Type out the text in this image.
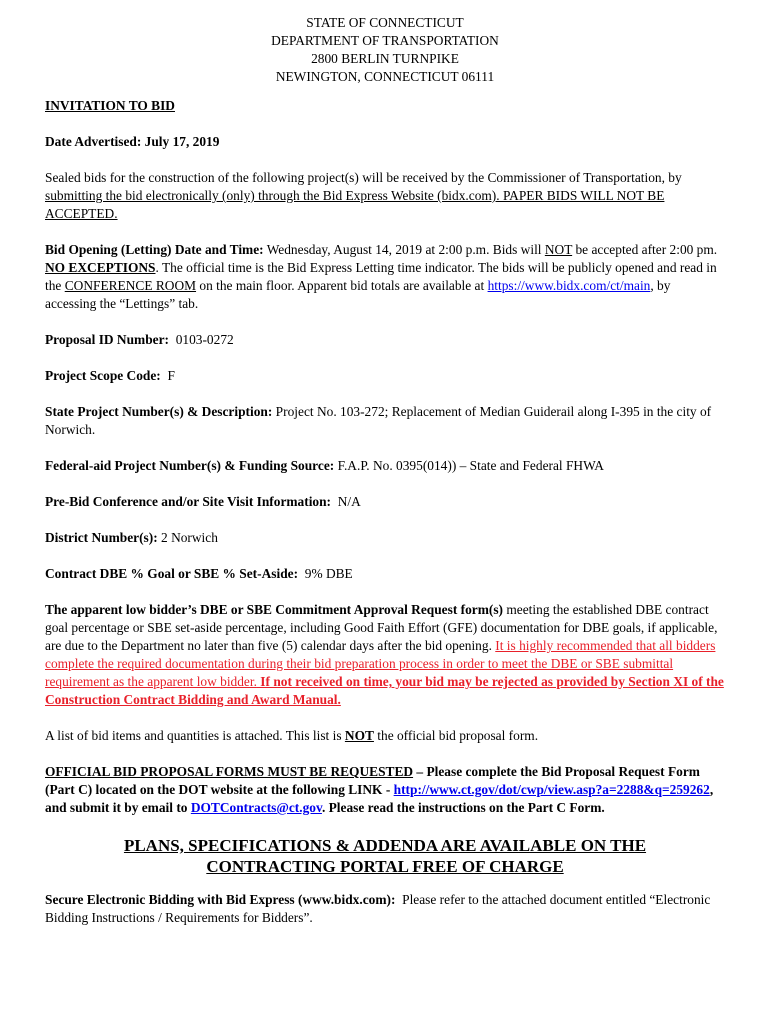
STATE OF CONNECTICUT
DEPARTMENT OF TRANSPORTATION
2800 BERLIN TURNPIKE
NEWINGTON, CONNECTICUT 06111

INVITATION TO BID

Date Advertised: July 17, 2019

Sealed bids for the construction of the following project(s) will be received by the Commissioner of Transportation, by submitting the bid electronically (only) through the Bid Express Website (bidx.com). PAPER BIDS WILL NOT BE ACCEPTED.

Bid Opening (Letting) Date and Time: Wednesday, August 14, 2019 at 2:00 p.m. Bids will NOT be accepted after 2:00 pm. NO EXCEPTIONS. The official time is the Bid Express Letting time indicator. The bids will be publicly opened and read in the CONFERENCE ROOM on the main floor. Apparent bid totals are available at https://www.bidx.com/ct/main, by accessing the “Lettings” tab.

Proposal ID Number:  0103-0272

Project Scope Code:  F

State Project Number(s) & Description: Project No. 103-272; Replacement of Median Guiderail along I-395 in the city of Norwich.

Federal-aid Project Number(s) & Funding Source: F.A.P. No. 0395(014)) – State and Federal FHWA

Pre-Bid Conference and/or Site Visit Information:  N/A

District Number(s): 2 Norwich

Contract DBE % Goal or SBE % Set-Aside:  9% DBE

The apparent low bidder’s DBE or SBE Commitment Approval Request form(s) meeting the established DBE contract goal percentage or SBE set-aside percentage, including Good Faith Effort (GFE) documentation for DBE goals, if applicable, are due to the Department no later than five (5) calendar days after the bid opening. It is highly recommended that all bidders complete the required documentation during their bid preparation process in order to meet the DBE or SBE submittal requirement as the apparent low bidder. If not received on time, your bid may be rejected as provided by Section XI of the Construction Contract Bidding and Award Manual.

A list of bid items and quantities is attached. This list is NOT the official bid proposal form.

OFFICIAL BID PROPOSAL FORMS MUST BE REQUESTED – Please complete the Bid Proposal Request Form (Part C) located on the DOT website at the following LINK - http://www.ct.gov/dot/cwp/view.asp?a=2288&q=259262, and submit it by email to DOTContracts@ct.gov. Please read the instructions on the Part C Form.

PLANS, SPECIFICATIONS & ADDENDA ARE AVAILABLE ON THE
CONTRACTING PORTAL FREE OF CHARGE

Secure Electronic Bidding with Bid Express (www.bidx.com):  Please refer to the attached document entitled “Electronic Bidding Instructions / Requirements for Bidders”.
